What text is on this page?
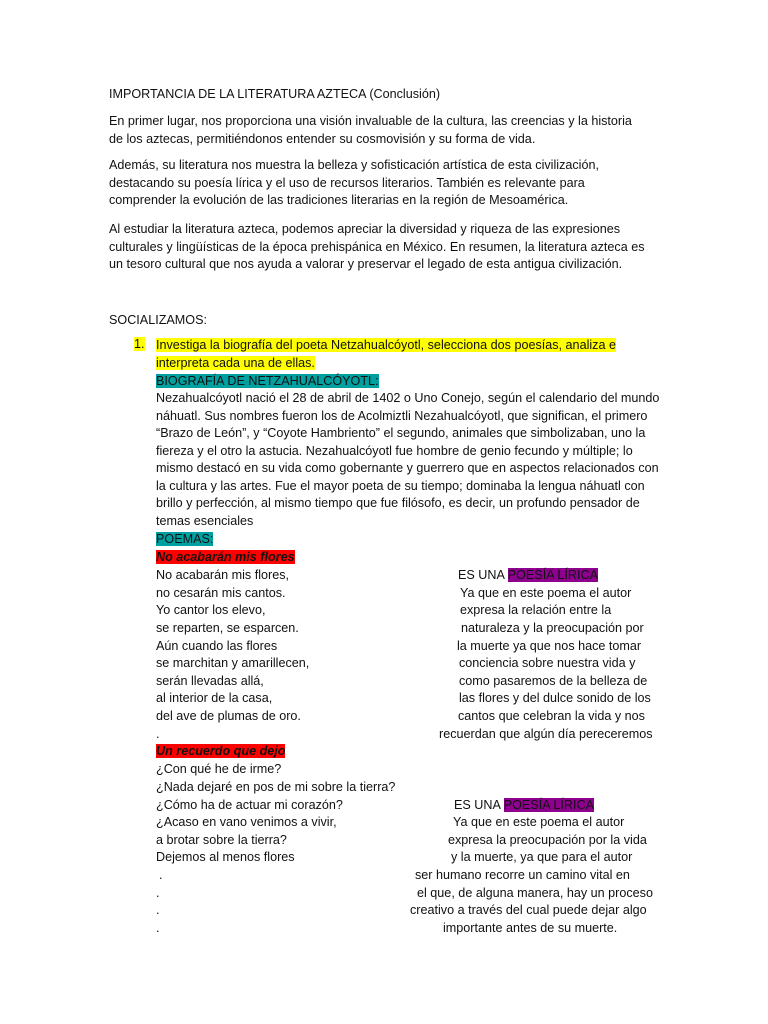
IMPORTANCIA DE LA LITERATURA AZTECA (Conclusión)
En primer lugar, nos proporciona una visión invaluable de la cultura, las creencias y la historia de los aztecas, permitiéndonos entender su cosmovisión y su forma de vida.
Además, su literatura nos muestra la belleza y sofisticación artística de esta civilización, destacando su poesía lírica y el uso de recursos literarios. También es relevante para comprender la evolución de las tradiciones literarias en la región de Mesoamérica.
Al estudiar la literatura azteca, podemos apreciar la diversidad y riqueza de las expresiones culturales y lingüísticas de la época prehispánica en México. En resumen, la literatura azteca es un tesoro cultural que nos ayuda a valorar y preservar el legado de esta antigua civilización.
SOCIALIZAMOS:
1. Investiga la biografía del poeta Netzahualcóyotl, selecciona dos poesías, analiza e interpreta cada una de ellas.
BIOGRAFÍA DE NETZAHUALCÓYOTL:
Nezahualcóyotl nació el 28 de abril de 1402 o Uno Conejo, según el calendario del mundo náhuatl. Sus nombres fueron los de Acolmiztli Nezahualcóyotl, que significan, el primero “Brazo de León”, y “Coyote Hambriento” el segundo, animales que simbolizaban, uno la fiereza y el otro la astucia. Nezahualcóyotl fue hombre de genio fecundo y múltiple; lo mismo destacó en su vida como gobernante y guerrero que en aspectos relacionados con la cultura y las artes. Fue el mayor poeta de su tiempo; dominaba la lengua náhuatl con brillo y perfección, al mismo tiempo que fue filósofo, es decir, un profundo pensador de temas esenciales
POEMAS:
No acabarán mis flores
No acabarán mis flores,
no cesarán mis cantos.
Yo cantor los elevo,
se reparten, se esparcen.
Aún cuando las flores
se marchitan y amarillecen,
serán llevadas allá,
al interior de la casa,
del ave de plumas de oro.
.
ES UNA POESÍA LÍRICA
Ya que en este poema el autor
expresa la relación entre la
naturaleza y la preocupación por
la muerte ya que nos hace tomar
conciencia sobre nuestra vida y
como pasaremos de la belleza de
las flores y del dulce sonido de los
cantos que celebran la vida y nos
recuerdan que algún día pereceremos
Un recuerdo que dejo
¿Con qué he de irme?
¿Nada dejaré en pos de mi sobre la tierra?
¿Cómo ha de actuar mi corazón?
¿Acaso en vano venimos a vivir,
a brotar sobre la tierra?
Dejemos al menos flores
.
.
.
.
ES UNA POESÍA LÍRICA
Ya que en este poema el autor
expresa la preocupación por la vida
y la muerte, ya que para el autor
ser humano recorre un camino vital en
el que, de alguna manera, hay un proceso
creativo a través del cual puede dejar algo
importante antes de su muerte.
